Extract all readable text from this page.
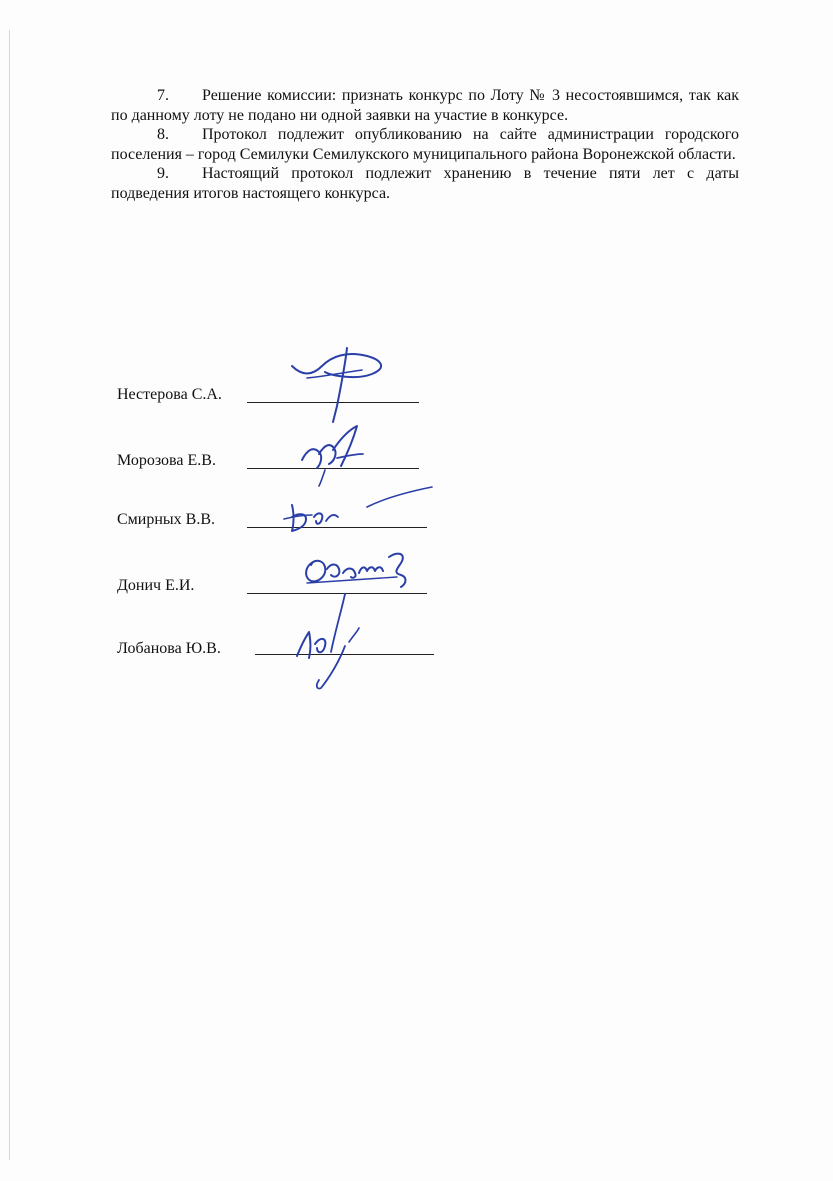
7. Решение комиссии: признать конкурс по Лоту № 3 несостоявшимся, так как по данному лоту не подано ни одной заявки на участие в конкурсе.

8. Протокол подлежит опубликованию на сайте администрации городского поселения – город Семилуки Семилукского муниципального района Воронежской области.

9. Настоящий протокол подлежит хранению в течение пяти лет с даты подведения итогов настоящего конкурса.

Нестерова С.А.
Морозова Е.В.
Смирных В.В.
Донич Е.И.
Лобанова Ю.В.
